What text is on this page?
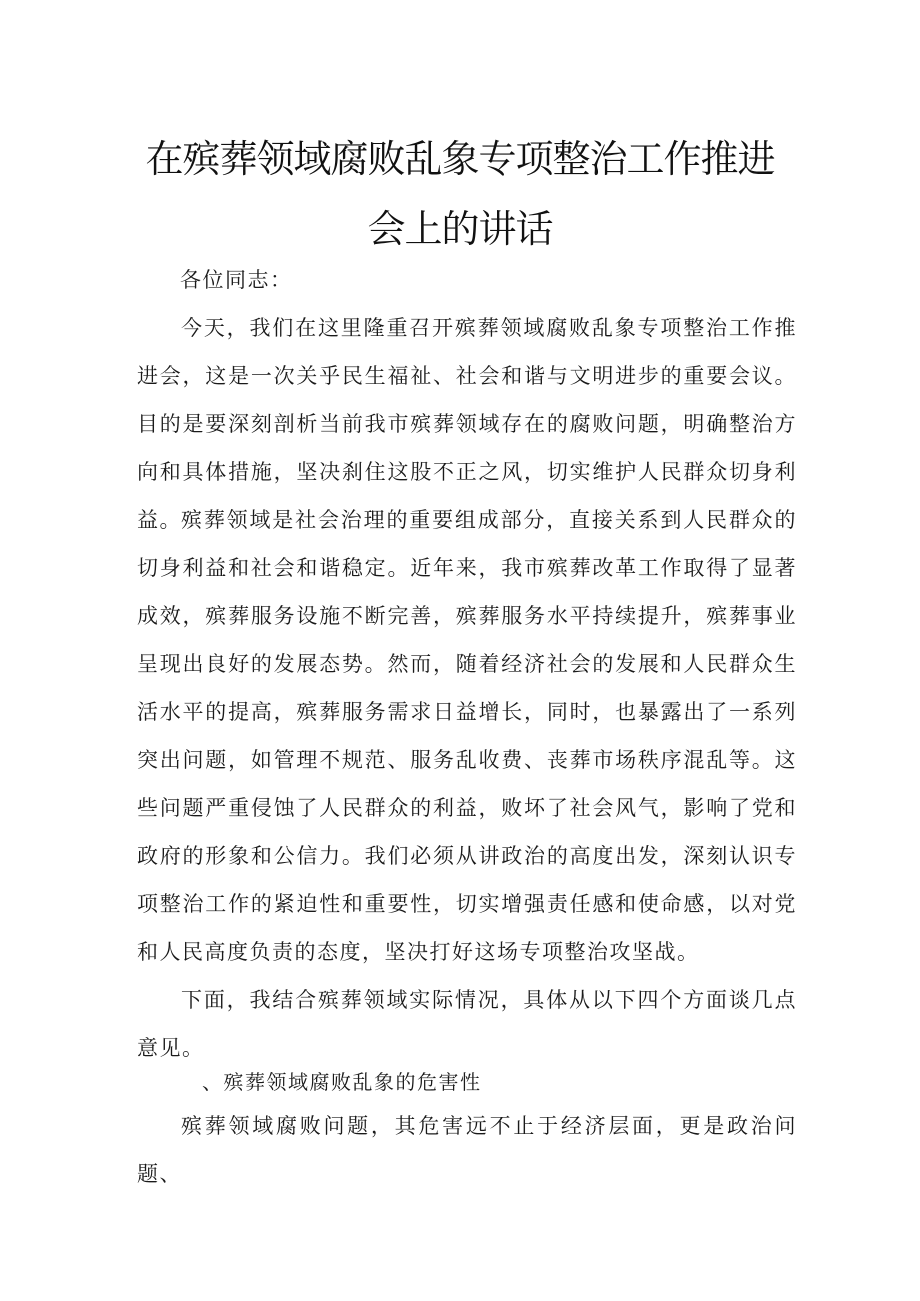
在殡葬领域腐败乱象专项整治工作推进
会上的讲话

各位同志：

今天，我们在这里隆重召开殡葬领域腐败乱象专项整治工作推进会，这是一次关乎民生福祉、社会和谐与文明进步的重要会议。目的是要深刻剖析当前我市殡葬领域存在的腐败问题，明确整治方向和具体措施，坚决刹住这股不正之风，切实维护人民群众切身利益。 殡葬领域是社会治理的重要组成部分，直接关系到人民群众的切身利益和社会和谐稳定。近年来，我市殡葬改革工作取得了显著成效，殡葬服务设施不断完善，殡葬服务水平持续提升，殡葬事业呈现出良好的发展态势。然而，随着经济社会的发展和人民群众生活水平的提高，殡葬服务需求日益增长，同时，也暴露出了一系列突出问题，如管理不规范、服务乱收费、丧葬市场秩序混乱等。这些问题严重侵蚀了人民群众的利益，败坏了社会风气，影响了党和政府的形象和公信力。我们必须从讲政治的高度出发，深刻认识专项整治工作的紧迫性和重要性，切实增强责任感和使命感，以对党和人民高度负责的态度，坚决打好这场专项整治攻坚战。

下面，我结合殡葬领域实际情况，具体从以下四个方面谈几点意见。

、殡葬领域腐败乱象的危害性

殡葬领域腐败问题，其危害远不止于经济层面，更是政治问题、
